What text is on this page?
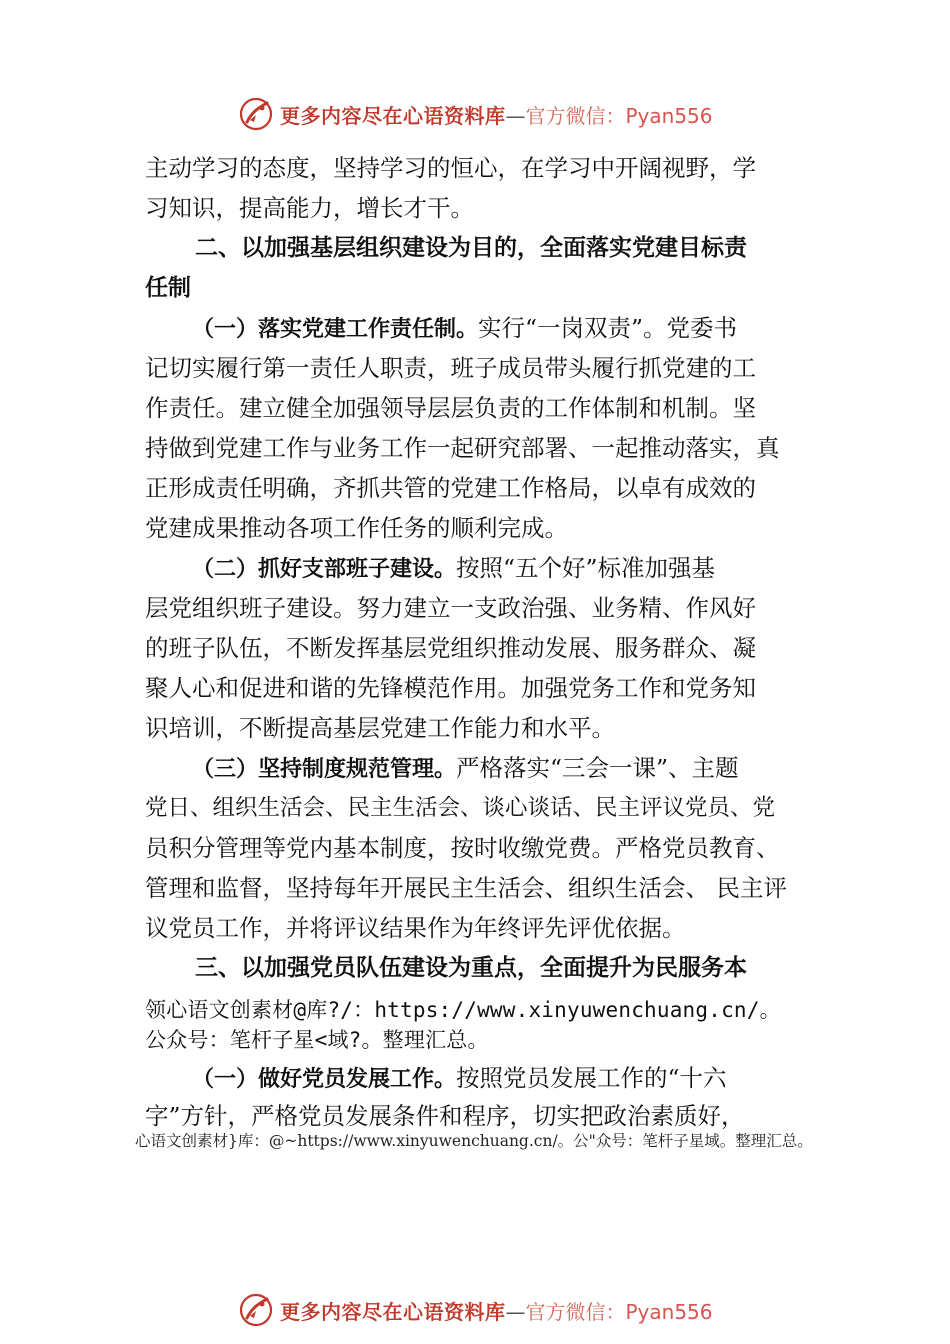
更多内容尽在心语资料库—官方微信：Pyan556
主动学习的态度，坚持学习的恒心，在学习中开阔视野，学
习知识，提高能力，增长才干。
二、以加强基层组织建设为目的，全面落实党建目标责
任制
（一）落实党建工作责任制。实行“一岗双责”。党委书
记切实履行第一责任人职责，班子成员带头履行抓党建的工
作责任。建立健全加强领导层层负责的工作体制和机制。坚
持做到党建工作与业务工作一起研究部署、一起推动落实，真
正形成责任明确，齐抓共管的党建工作格局，以卓有成效的
党建成果推动各项工作任务的顺利完成。
（二）抓好支部班子建设。按照“五个好”标准加强基
层党组织班子建设。努力建立一支政治强、业务精、作风好
的班子队伍，不断发挥基层党组织推动发展、服务群众、凝
聚人心和促进和谐的先锋模范作用。加强党务工作和党务知
识培训，不断提高基层党建工作能力和水平。
（三）坚持制度规范管理。严格落实“三会一课”、主题
党日、组织生活会、民主生活会、谈心谈话、民主评议党员、党
员积分管理等党内基本制度，按时收缴党费。严格党员教育、
管理和监督，坚持每年开展民主生活会、组织生活会、 民主评
议党员工作，并将评议结果作为年终评先评优依据。
三、以加强党员队伍建设为重点，全面提升为民服务本
领心语文创素材@库?/：https://www.xinyuwenchuang.cn/。
公众号：笔杆子星<域?。整理汇总。
（一）做好党员发展工作。按照党员发展工作的“十六
字”方针，严格党员发展条件和程序，切实把政治素质好，
心语文创素材}库：@~https://www.xinyuwenchuang.cn/。公"众号：笔杆子星域。整理汇总。
更多内容尽在心语资料库—官方微信：Pyan556
